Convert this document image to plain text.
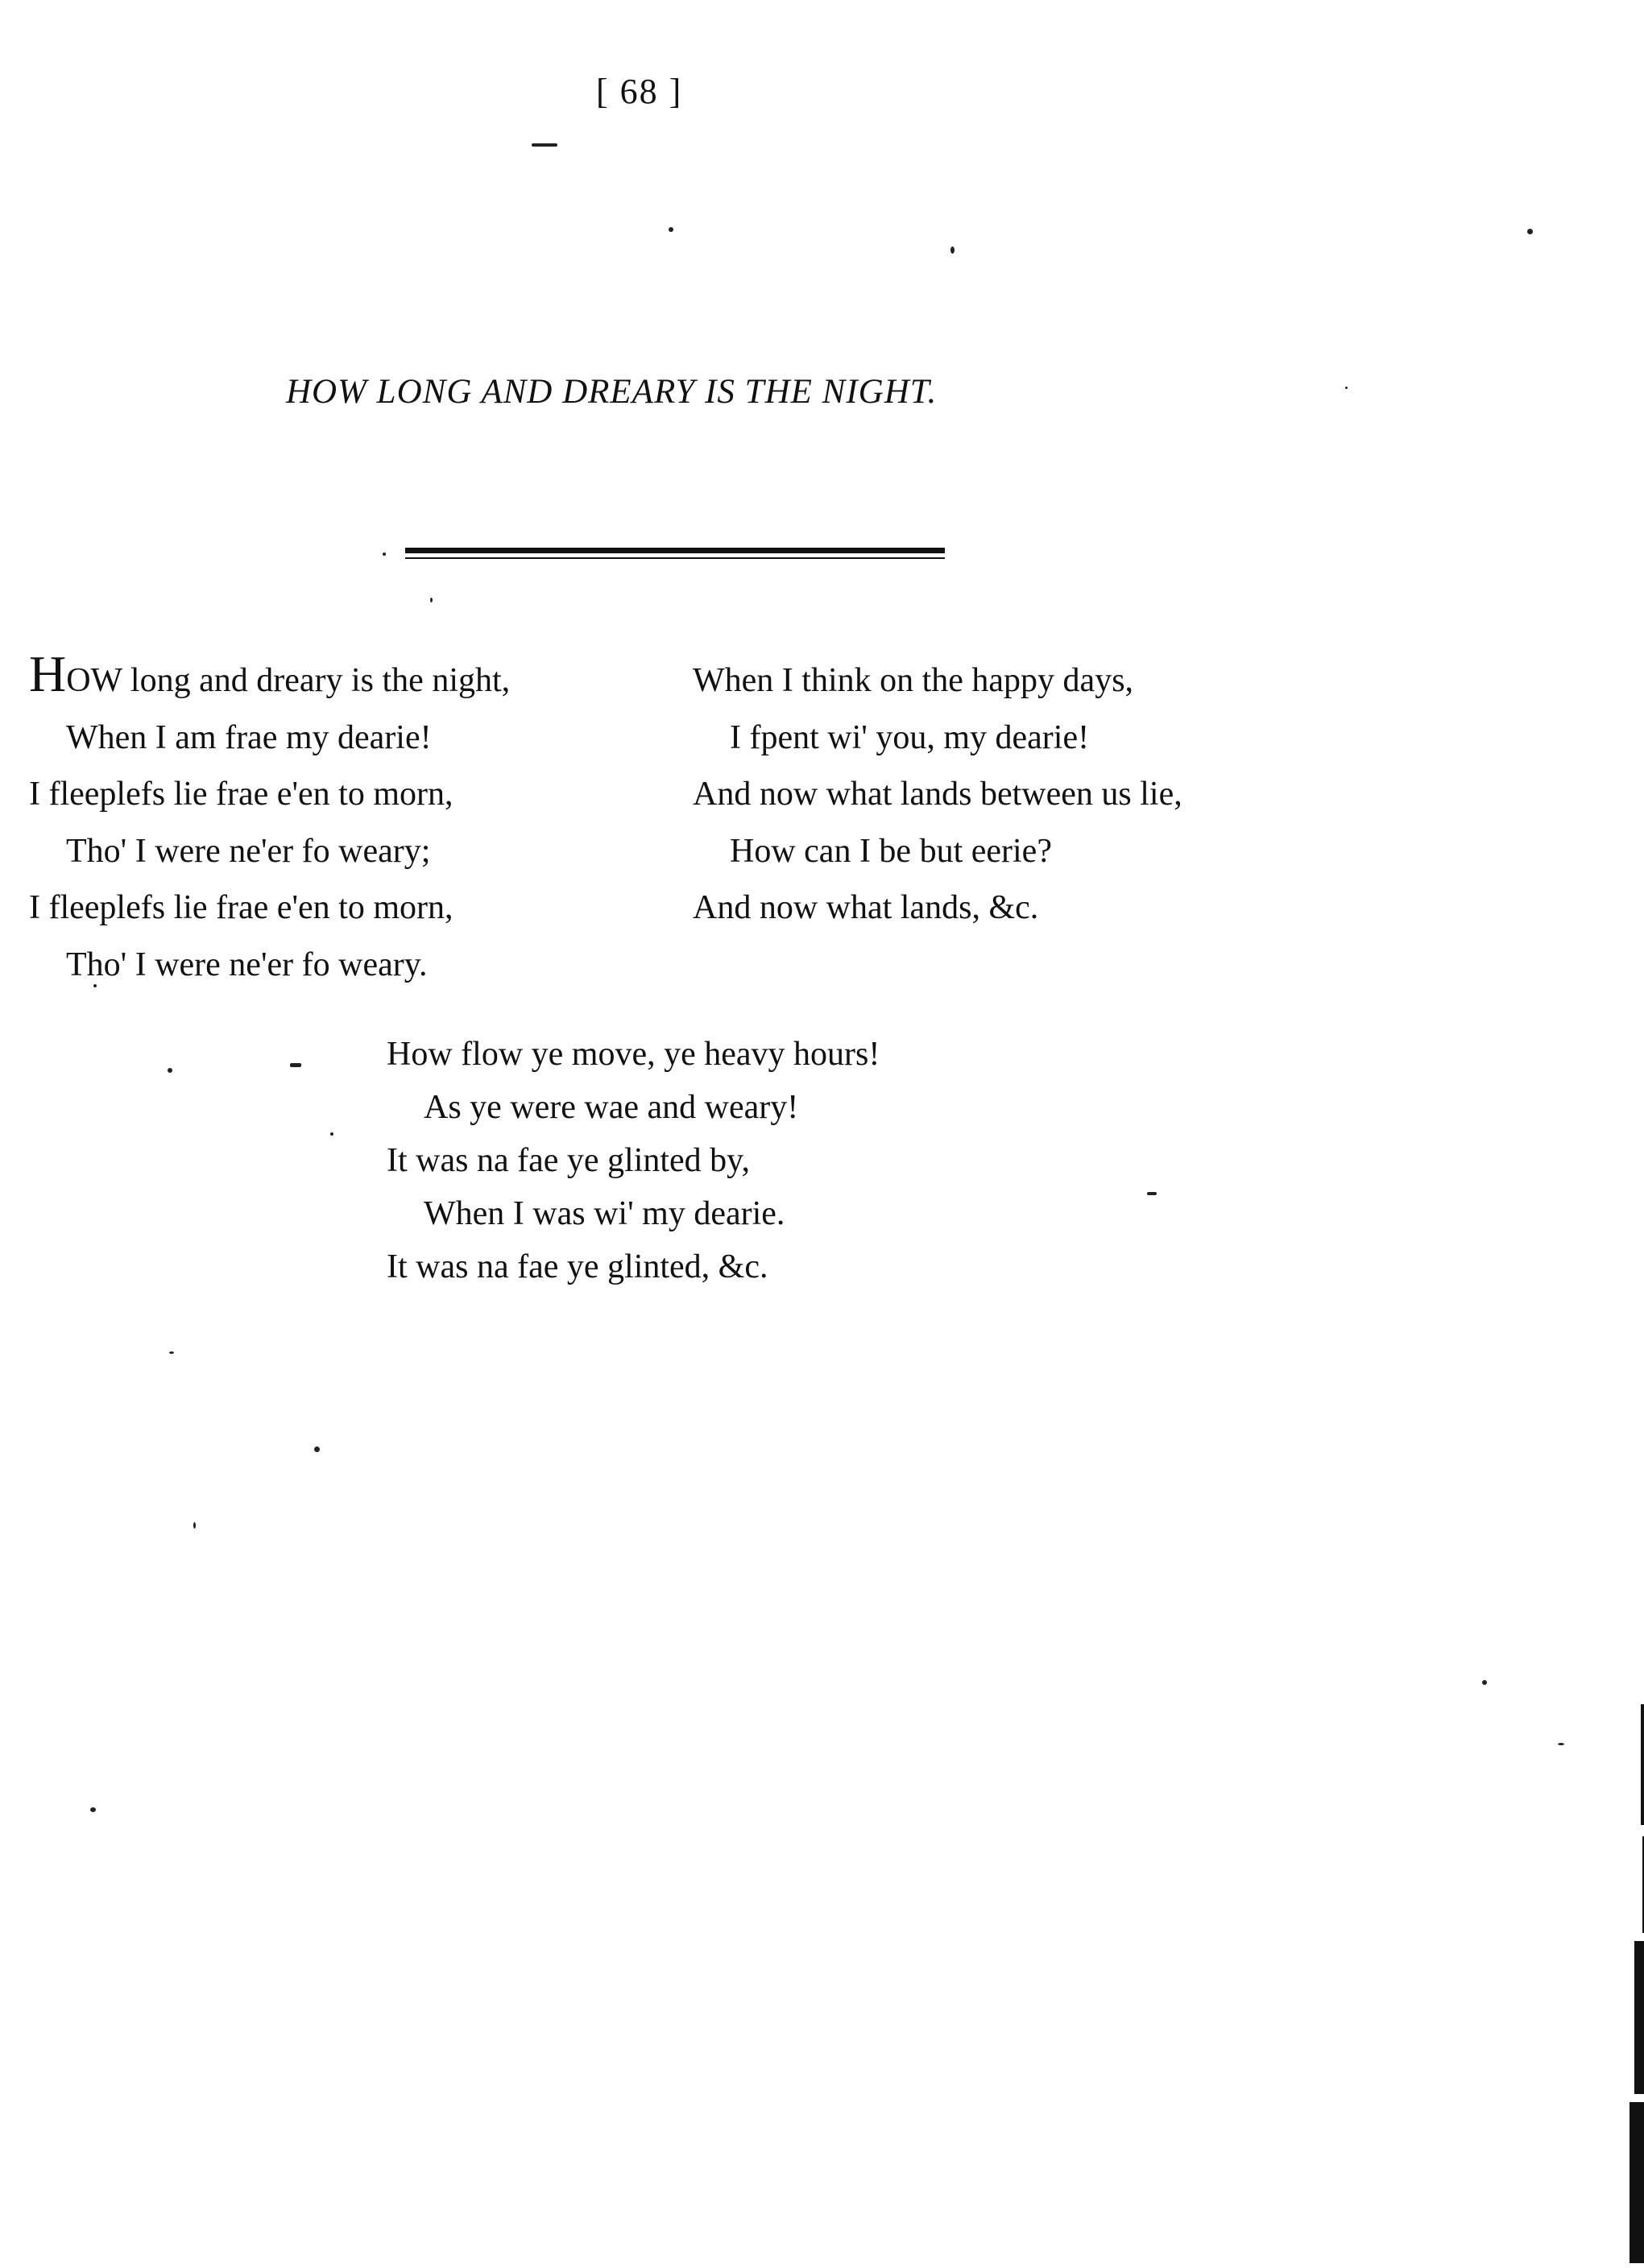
[ 68 ]
HOW LONG AND DREARY IS THE NIGHT.
HOW long and dreary is the night,
When I am frae my dearie!
I fleeplefs lie frae e'en to morn,
Tho' I were ne'er fo weary;
I fleeplefs lie frae e'en to morn,
Tho' I were ne'er fo weary.
When I think on the happy days,
I fpent wi' you, my dearie!
And now what lands between us lie,
How can I be but eerie?
And now what lands, &c.
How flow ye move, ye heavy hours!
As ye were wae and weary!
It was na fae ye glinted by,
When I was wi' my dearie.
It was na fae ye glinted, &c.
